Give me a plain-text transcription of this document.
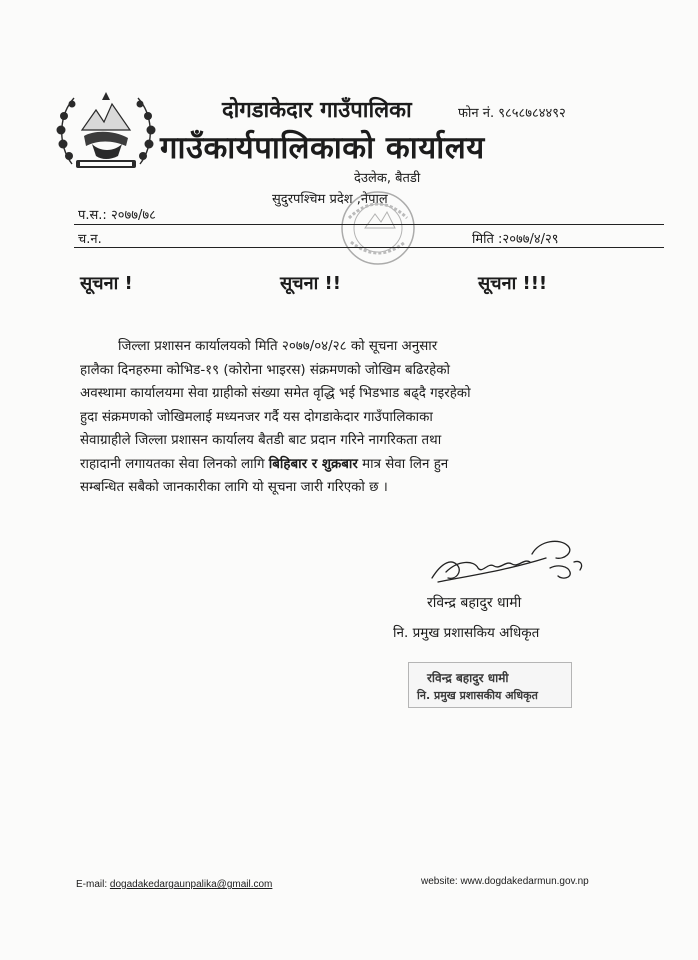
दोगडाकेदार गाउँपालिका	फोन नं. ९८५८७८४४९२
गाउँकार्यपालिकाको कार्यालय
देउलेक, बैतडी
सुदुरपश्चिम प्रदेश ,नेपाल
प.स.: २०७७/७८
च.न.	मिति :२०७७/४/२९
सूचना !	सूचना !!	सूचना !!!
जिल्ला प्रशासन कार्यालयको मिति २०७७/०४/२८ को सूचना अनुसार
हालैका दिनहरुमा कोभिड-१९ (कोरोना भाइरस) संक्रमणको जोखिम बढिरहेको
अवस्थामा कार्यालयमा सेवा ग्राहीको संख्या समेत वृद्धि भई भिडभाड बढ्दै गइरहेको
हुदा संक्रमणको जोखिमलाई मध्यनजर गर्दै यस दोगडाकेदार गाउँपालिकाका
सेवाग्राहीले जिल्ला प्रशासन कार्यालय बैतडी बाट प्रदान गरिने नागरिकता तथा
राहादानी लगायतका सेवा लिनको लागि बिहिबार र शुक्रबार मात्र सेवा लिन हुन
सम्बन्धित सबैको जानकारीका लागि यो सूचना जारी गरिएको छ ।
रविन्द्र बहादुर धामी
नि. प्रमुख प्रशासकिय अधिकृत
रविन्द्र बहादुर धामी
नि. प्रमुख प्रशासकीय अधिकृत
E-mail: dogadakedargaunpalika@gmail.com	website: www.dogdakedarmun.gov.np
